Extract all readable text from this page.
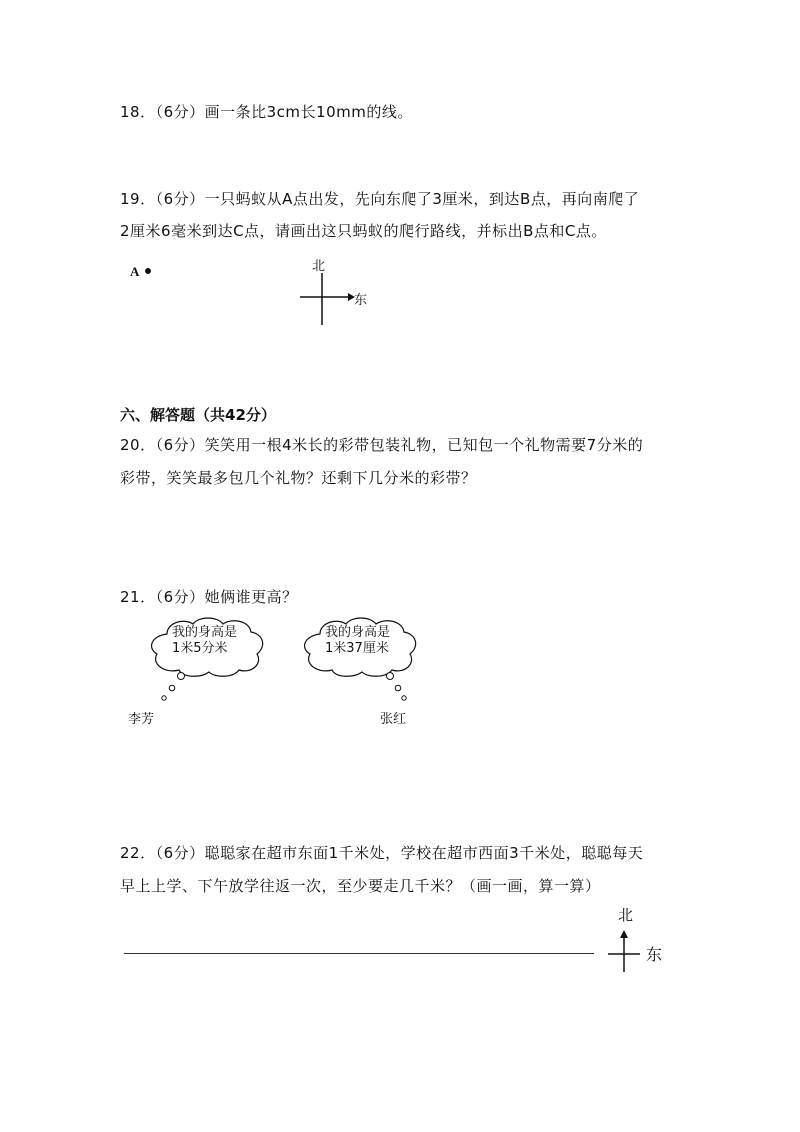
18．（6分）画一条比3cm长10mm的线。
19．（6分）一只蚂蚁从A点出发，先向东爬了3厘米，到达B点，再向南爬了
2厘米6毫米到达C点，请画出这只蚂蚁的爬行路线，并标出B点和C点。
A	北
东
六、解答题（共42分）
20．（6分）笑笑用一根4米长的彩带包装礼物，已知包一个礼物需要7分米的
彩带，笑笑最多包几个礼物？还剩下几分米的彩带？
21．（6分）她俩谁更高？
我的身高是
1米5分米
李芳
我的身高是
1米37厘米
张红
22．（6分）聪聪家在超市东面1千米处，学校在超市西面3千米处，聪聪每天
早上上学、下午放学往返一次，至少要走几千米？（画一画，算一算）
北
东
